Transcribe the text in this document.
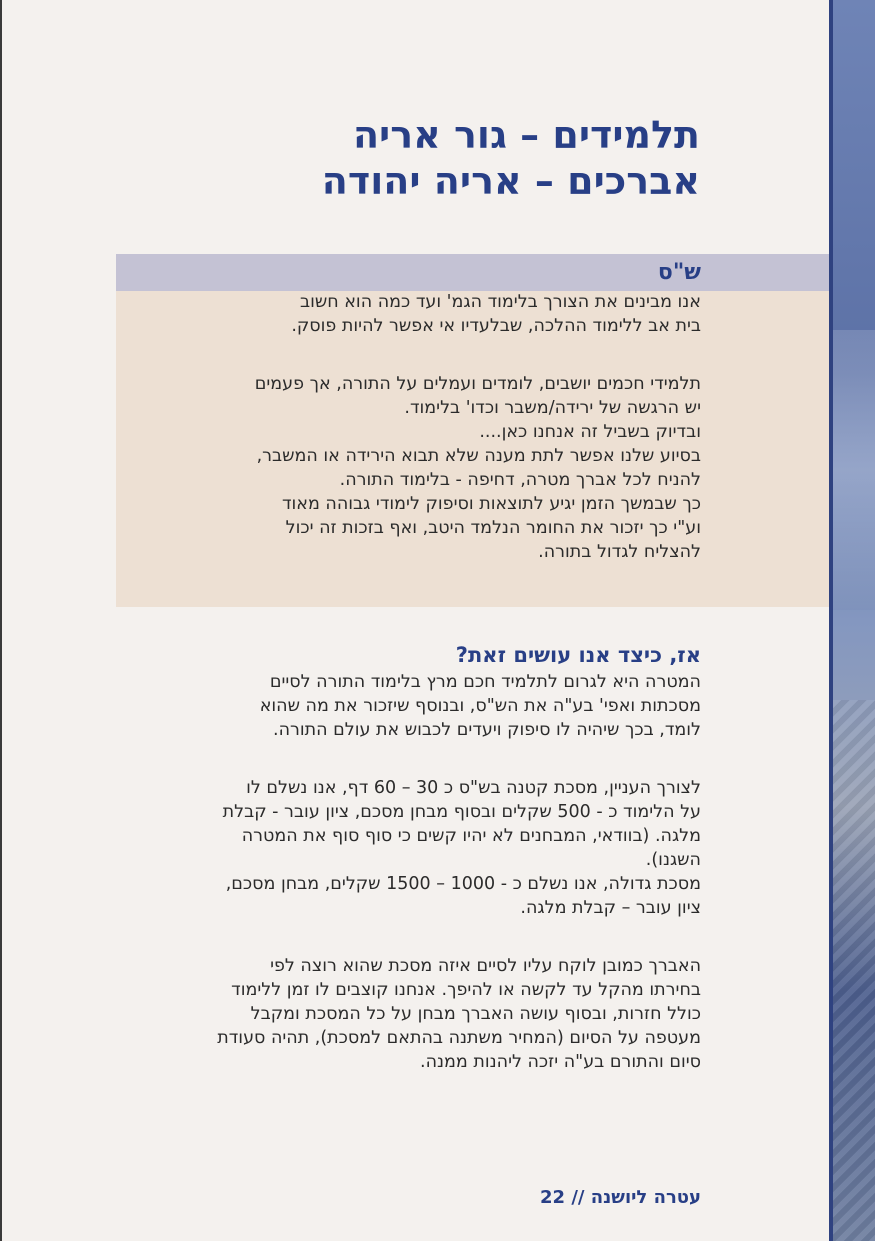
תלמידים – גור אריה
אברכים – אריה יהודה
ש"ס

אנו מבינים את הצורך בלימוד הגמ' ועד כמה הוא חשוב

בית אב ללימוד ההלכה, שבלעדיו אי אפשר להיות פוסק.

תלמידי חכמים יושבים, לומדים ועמלים על התורה, אך פעמים

יש הרגשה של ירידה/משבר וכדו' בלימוד.

ובדיוק בשביל זה אנחנו כאן....

בסיוע שלנו אפשר לתת מענה שלא תבוא הירידה או המשבר,

להניח לכל אברך מטרה, דחיפה - בלימוד התורה.

כך שבמשך הזמן יגיע לתוצאות וסיפוק לימודי גבוהה מאוד

וע"י כך יזכור את החומר הנלמד היטב, ואף בזכות זה יכול

להצליח לגדול בתורה.

אז, כיצד אנו עושים זאת?

המטרה היא לגרום לתלמיד חכם מרץ בלימוד התורה לסיים

מסכתות ואפי' בע"ה את הש"ס, ובנוסף שיזכור את מה שהוא

לומד, בכך שיהיה לו סיפוק ויעדים לכבוש את עולם התורה.

לצורך העניין, מסכת קטנה בש"ס כ 30 – 60 דף, אנו נשלם לו

על הלימוד כ - 500 שקלים ובסוף מבחן מסכם, ציון עובר - קבלת

מלגה. (בוודאי, המבחנים לא יהיו קשים כי סוף סוף את המטרה

השגנו).

מסכת גדולה, אנו נשלם כ - 1000 – 1500 שקלים, מבחן מסכם,

ציון עובר – קבלת מלגה.

האברך כמובן לוקח עליו לסיים איזה מסכת שהוא רוצה לפי

בחירתו מהקל עד לקשה או להיפך. אנחנו קוצבים לו זמן ללימוד

כולל חזרות, ובסוף עושה האברך מבחן על כל המסכת ומקבל

מעטפה על הסיום (המחיר משתנה בהתאם למסכת), תהיה סעודת

סיום והתורם בע"ה יזכה ליהנות ממנה.

עטרה ליושנה // 22
